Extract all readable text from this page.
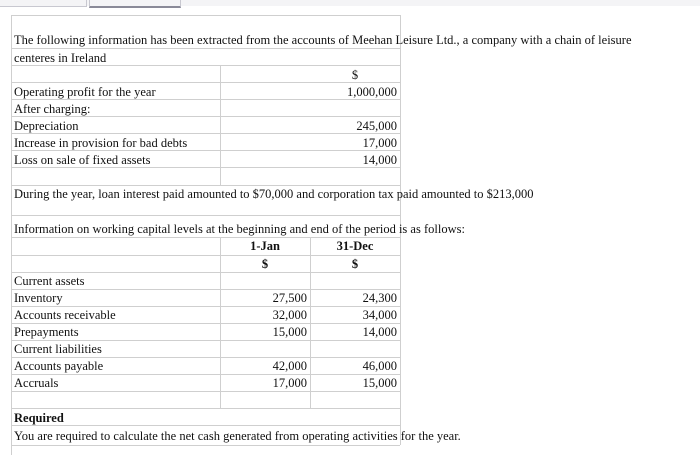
The following information has been extracted from the accounts of Meehan Leisure Ltd., a company with a chain of leisure
centeres in Ireland
$
Operating profit for the year	1,000,000
After charging:
Depreciation	245,000
Increase in provision for bad debts	17,000
Loss on sale of fixed assets	14,000
During the year, loan interest paid amounted to $70,000 and corporation tax paid amounted to $213,000
Information on working capital levels at the beginning and end of the period is as follows:
1-Jan	31-Dec
$	$
Current assets
Inventory	27,500	24,300
Accounts receivable	32,000	34,000
Prepayments	15,000	14,000
Current liabilities
Accounts payable	42,000	46,000
Accruals	17,000	15,000
Required
You are required to calculate the net cash generated from operating activities for the year.
